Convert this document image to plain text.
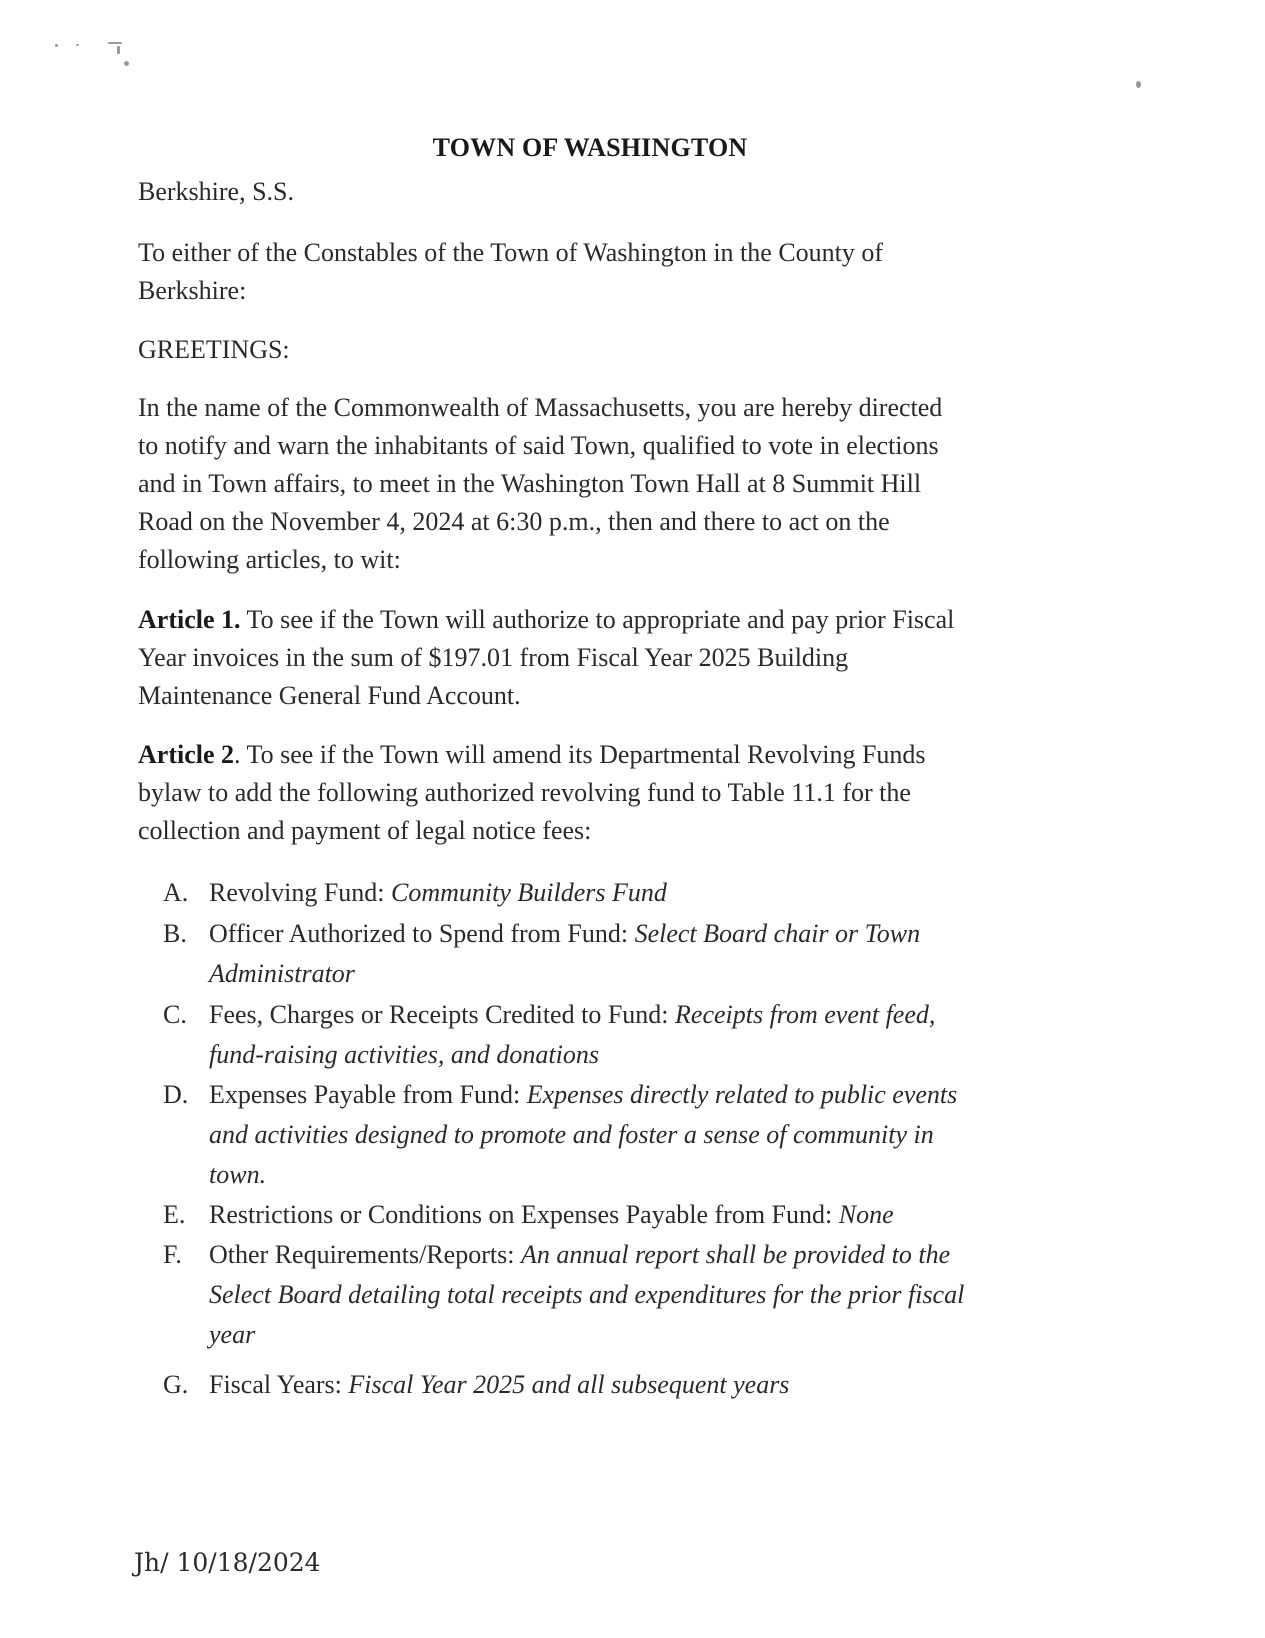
TOWN OF WASHINGTON
Berkshire, S.S.
To either of the Constables of the Town of Washington in the County of
Berkshire:
GREETINGS:
In the name of the Commonwealth of Massachusetts, you are hereby directed
to notify and warn the inhabitants of said Town, qualified to vote in elections
and in Town affairs, to meet in the Washington Town Hall at 8 Summit Hill
Road on the November 4, 2024 at 6:30 p.m., then and there to act on the
following articles, to wit:
Article 1. To see if the Town will authorize to appropriate and pay prior Fiscal
Year invoices in the sum of $197.01 from Fiscal Year 2025 Building
Maintenance General Fund Account.
Article 2. To see if the Town will amend its Departmental Revolving Funds
bylaw to add the following authorized revolving fund to Table 11.1 for the
collection and payment of legal notice fees:
A. Revolving Fund: Community Builders Fund
B. Officer Authorized to Spend from Fund: Select Board chair or Town
Administrator
C. Fees, Charges or Receipts Credited to Fund: Receipts from event feed,
fund-raising activities, and donations
D. Expenses Payable from Fund: Expenses directly related to public events
and activities designed to promote and foster a sense of community in
town.
E. Restrictions or Conditions on Expenses Payable from Fund: None
F. Other Requirements/Reports: An annual report shall be provided to the
Select Board detailing total receipts and expenditures for the prior fiscal
year
G. Fiscal Years: Fiscal Year 2025 and all subsequent years
Jh/ 10/18/2024
